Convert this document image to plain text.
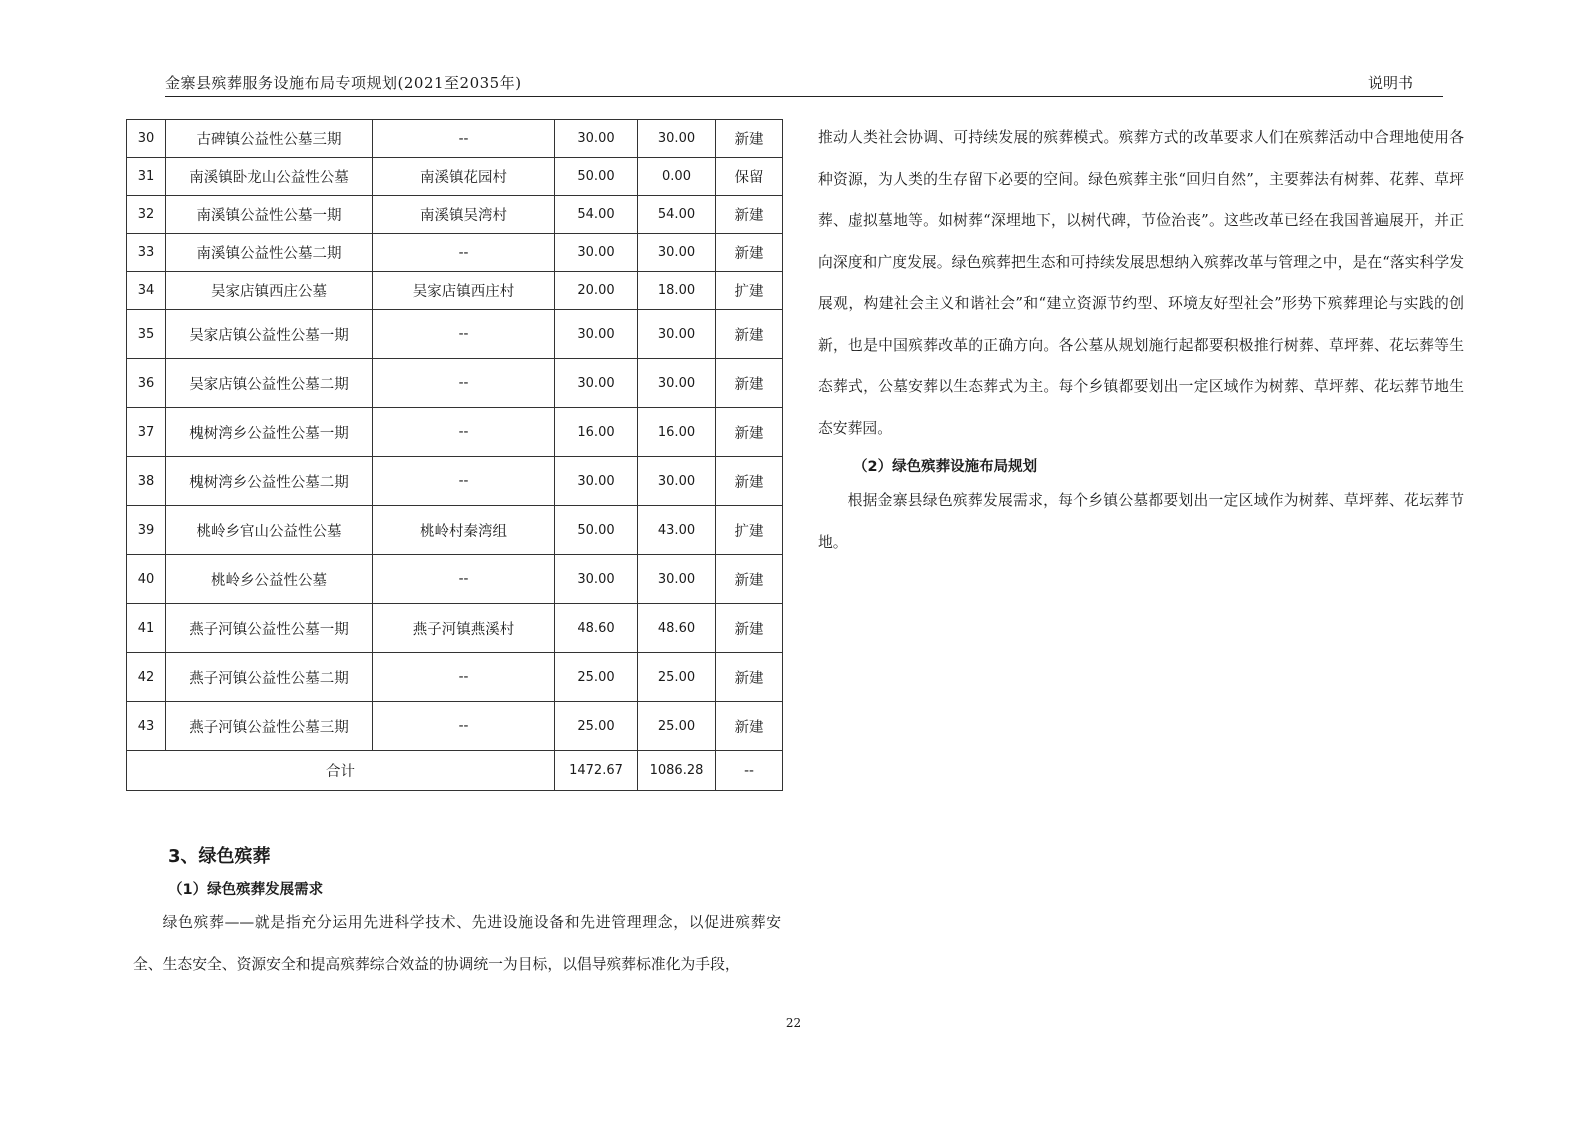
金寨县殡葬服务设施布局专项规划(2021至2035年)	说明书
30	古碑镇公益性公墓三期	--	30.00	30.00	新建
31	南溪镇卧龙山公益性公墓	南溪镇花园村	50.00	0.00	保留
32	南溪镇公益性公墓一期	南溪镇吴湾村	54.00	54.00	新建
33	南溪镇公益性公墓二期	--	30.00	30.00	新建
34	吴家店镇西庄公墓	吴家店镇西庄村	20.00	18.00	扩建
35	吴家店镇公益性公墓一期	--	30.00	30.00	新建
36	吴家店镇公益性公墓二期	--	30.00	30.00	新建
37	槐树湾乡公益性公墓一期	--	16.00	16.00	新建
38	槐树湾乡公益性公墓二期	--	30.00	30.00	新建
39	桃岭乡官山公益性公墓	桃岭村秦湾组	50.00	43.00	扩建
40	桃岭乡公益性公墓	--	30.00	30.00	新建
41	燕子河镇公益性公墓一期	燕子河镇燕溪村	48.60	48.60	新建
42	燕子河镇公益性公墓二期	--	25.00	25.00	新建
43	燕子河镇公益性公墓三期	--	25.00	25.00	新建
合计			1472.67	1086.28	--
3、绿色殡葬
（1）绿色殡葬发展需求

绿色殡葬——就是指充分运用先进科学技术、先进设施设备和先进管理理念，以促进殡葬安全、生态安全、资源安全和提高殡葬综合效益的协调统一为目标，以倡导殡葬标准化为手段，

推动人类社会协调、可持续发展的殡葬模式。殡葬方式的改革要求人们在殡葬活动中合理地使用各种资源，为人类的生存留下必要的空间。绿色殡葬主张“回归自然”，主要葬法有树葬、花葬、草坪葬、虚拟墓地等。如树葬“深埋地下，以树代碑，节俭治丧”。这些改革已经在我国普遍展开，并正向深度和广度发展。绿色殡葬把生态和可持续发展思想纳入殡葬改革与管理之中，是在“落实科学发展观，构建社会主义和谐社会”和“建立资源节约型、环境友好型社会”形势下殡葬理论与实践的创新，也是中国殡葬改革的正确方向。各公墓从规划施行起都要积极推行树葬、草坪葬、花坛葬等生态葬式，公墓安葬以生态葬式为主。每个乡镇都要划出一定区域作为树葬、草坪葬、花坛葬节地生态安葬园。

（2）绿色殡葬设施布局规划

根据金寨县绿色殡葬发展需求，每个乡镇公墓都要划出一定区域作为树葬、草坪葬、花坛葬节地。

22
